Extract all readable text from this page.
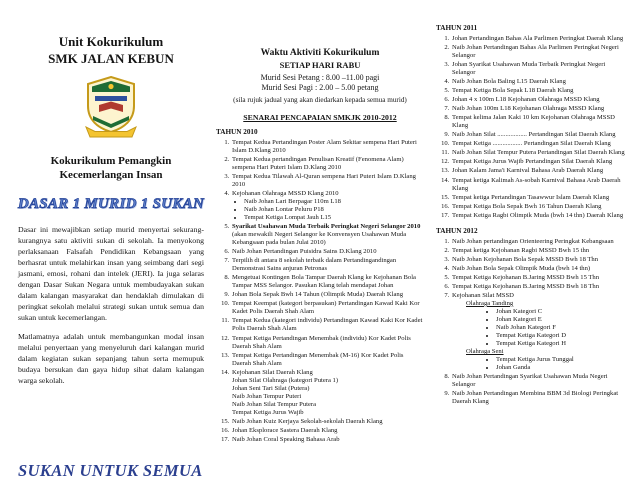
Unit Kokurikulum
SMK JALAN KEBUN
Kokurikulum Pemangkin Kecemerlangan Insan
DASAR 1 MURID 1 SUKAN

Dasar ini mewajibkan setiap murid menyertai sekurang-kurangnya satu aktiviti sukan di sekolah. Ia menyokong perlaksanaan Falsafah Pendidikan Kebangsaan yang berhasrat untuk melahirkan insan yang seimbang dari segi jasmani, emosi, rohani dan intelek (JERI). Ia juga selaras dengan Dasar Sukan Negara untuk membudayakan sukan dalam kalangan masyarakat dan hendaklah dimulakan di peringkat sekolah melalui strategi sukan untuk semua dan sukan untuk kecemerlangan.

Matlamatnya adalah untuk membangunkan modal insan melalui penyertaan yang menyeluruh dari kalangan murid dalam kegiatan sukan sepanjang tahun serta memupuk budaya bersukan dan gaya hidup sihat dalam kalangan warga sekolah.

SUKAN UNTUK SEMUA
Waktu Aktiviti Kokurikulum
SETIAP HARI RABU
Murid Sesi Petang : 8.00 –11.00 pagi
Murid Sesi Pagi : 2.00 – 5.00 petang
(sila rujuk jadual yang akan diedarkan kepada semua murid)
SENARAI PENCAPAIAN SMKJK 2010-2012
TAHUN 2010
1. Tempat Kedua Pertandingan Poster Alam Sekitar sempena Hari Puteri Islam D.Klang 2010
2. Tempat Kedua pertandingan Penulisan Kreatif (Fenomena Alam) sempena Hari Puteri Islam D.Klang 2010
3. Tempat Kedua Tilawah Al-Quran sempena Hari Puteri Islam D.Klang 2010
4. Kejohanan Olahraga MSSD Klang 2010
• Naib Johan Lari Berpagar 110m L18
• Naib Johan Lontar Peluru P18
• Tempat Ketiga Lompat Jauh L15
5. Syarikat Usahawan Muda Terbaik Peringkat Negeri Selangor 2010
(akan mewakili Negeri Selangor ke Konvensyen Usahawan Muda Kebangsaan pada bulan Julai 2010)
6. Naib Johan Pertandingan Puisidra Sains D.Klang 2010
7. Terpilih di antara 8 sekolah terbaik dalam Pertandingandingan Demonstrasi Sains anjuran Petronas
8. Mengetuai Kontingen Bola Tampar Daerah Klang ke Kejohanan Bola Tampar MSS Selangor. Pasukan Klang telah mendapat Johan
9. Johan Bola Sepak Bwh 14 Tahun (Olimpik Muda) Daerah Klang
10. Tempat Keempat (kategori berpasukan) Pertandingan Kawad Kaki Kor Kadet Polis Daerah Shah Alam
11. Tempat Kedua (kategori individu) Pertandingan Kawad Kaki Kor Kadet Polis Daerah Shah Alam
12. Tempat Ketiga Pertandingan Menembak (individu) Kor Kadet Polis Daerah Shah Alam
13. Tempat Ketiga Pertandingan Menembak (M-16) Kor Kadet Polis Daerah Shah Alam
14. Kejohanan Silat Daerah Klang
Johan Silat Olahraga (kategori Putera 1)
Johan Seni Tari Silat (Putera)
Naib Johan Tempur Puteri
Naib Johan Silat Tempur Putera
Tempat Ketiga Jurus Wajib
15. Naib Johan Kuiz Kerjaya Sekolah-sekolah Daerah Klang
16. Johan Eksplorace Sastera Daerah Klang
17. Naib Johan Coral Speaking Bahasa Arab
TAHUN 2011
1. Johan Pertandingan Bahas Ala Parlimen Peringkat Daerah Klang
2. Naib Johan Pertandingan Bahas Ala Parlimen Peringkat Negeri Selangor
3. Johan Syarikat Usahawan Muda Terbaik Peringkat Negeri Selangor
4. Naib Johan Bola Baling L15 Daerah Klang
5. Tempat Ketiga Bola Sepak L18 Daerah Klang
6. Johan 4 x 100m L18 Kejohanan Olahraga MSSD Klang
7. Naib Johan 100m L18 Kejohanan Olahraga MSSD Klang
8. Tempat kelima Jalan Kaki 10 km Kejohanan Olahraga MSSD Klang
9. Naib Johan Silat .................. Pertandingan Silat Daerah Klang
10. Tempat Ketiga .................. Pertandingan Silat Daerah Klang
11. Naib Johan Silat Tempur Putera Pertandingan Silat Daerah Klang
12. Tempat Ketiga Jurus Wajib Pertandingan Silat Daerah Klang
13. Johan Kalam Jama'i Karnival Bahasa Arab Daerah Klang
14. Tempat ketiga Kalimah As-sobah Karnival Bahasa Arab Daerah Klang
15. Tempat ketiga Pertandingan Tasawwur Islam Daerah Klang
16. Tempat Ketiga Bola Sepak Bwh 16 Tahun Daerah Klang
17. Tempat Ketiga Ragbi Olimpik Muda (bwh 14 thn) Daerah Klang
TAHUN 2012
1. Naib Johan pertandingan Orienteering Peringkat Kebangsaan
2. Tempat ketiga Kejohanan Ragbi MSSD Bwh 15 thn
3. Naib Johan Kejohanan Bola Sepak MSSD Bwh 18 Thn
4. Naib Johan Bola Sepak Olimpik Muda (bwh 14 thn)
5. Tempat Ketiga Kejohanan B.Jaring MSSD Bwh 15 Thn
6. Tempat Ketiga Kejohanan B.Jaring MSSD Bwh 18 Thn
7. Kejohanan Silat MSSD
Olahraga Tanding
• Johan Kategori C
• Johan Kategori E
• Naib Johan Kategori F
• Tempat Ketiga Kategori D
• Tempat Ketiga Kategori H
Olahraga Seni
• Tempat Ketiga Jurus Tunggal
• Johan Ganda
8. Naib Johan Pertandingan Syarikat Usahawan Muda Negeri Selangor
9. Naib Johan Pertandingan Membina BBM 3d Biologi Peringkat Daerah Klang
